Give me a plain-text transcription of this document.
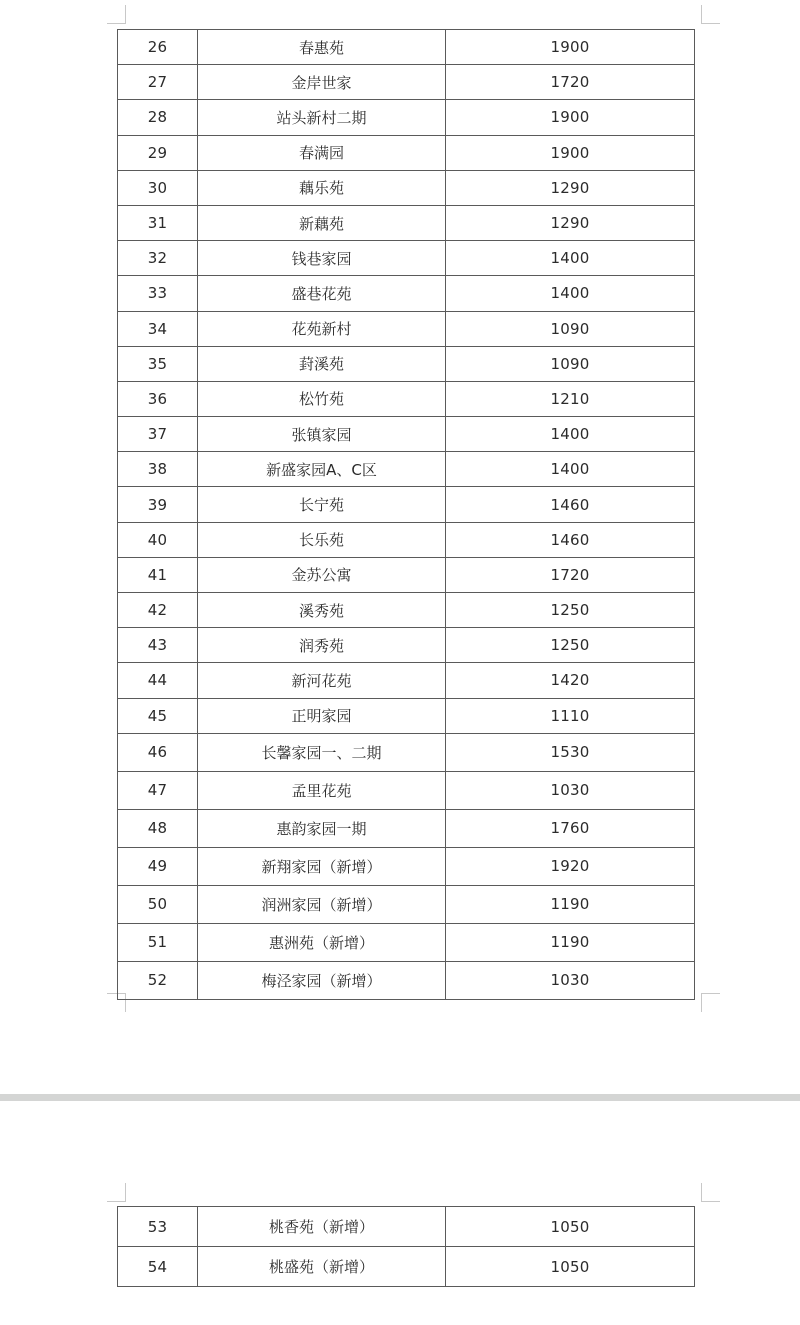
26	春惠苑	1900
27	金岸世家	1720
28	站头新村二期	1900
29	春满园	1900
30	藕乐苑	1290
31	新藕苑	1290
32	钱巷家园	1400
33	盛巷花苑	1400
34	花苑新村	1090
35	葑溪苑	1090
36	松竹苑	1210
37	张镇家园	1400
38	新盛家园A、C区	1400
39	长宁苑	1460
40	长乐苑	1460
41	金苏公寓	1720
42	溪秀苑	1250
43	润秀苑	1250
44	新河花苑	1420
45	正明家园	1110
46	长馨家园一、二期	1530
47	孟里花苑	1030
48	惠韵家园一期	1760
49	新翔家园（新增）	1920
50	润洲家园（新增）	1190
51	惠洲苑（新增）	1190
52	梅泾家园（新增）	1030
53	桃香苑（新增）	1050
54	桃盛苑（新增）	1050
